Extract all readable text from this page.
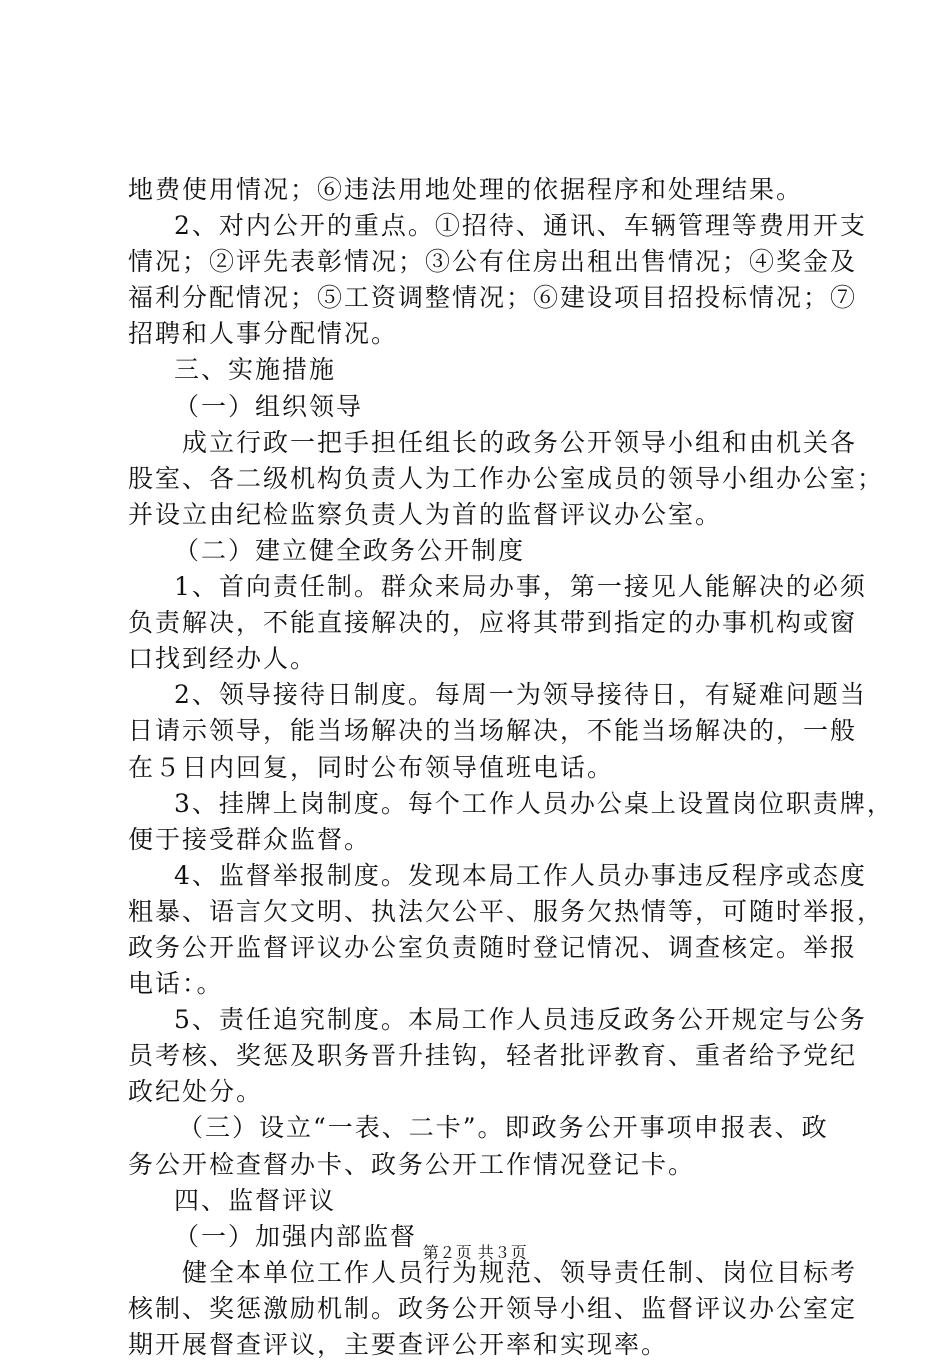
地费使用情况；⑥违法用地处理的依据程序和处理结果。
2、对内公开的重点。①招待、通讯、车辆管理等费用开支
情况；②评先表彰情况；③公有住房出租出售情况；④奖金及
福利分配情况；⑤工资调整情况；⑥建设项目招投标情况；⑦
招聘和人事分配情况。
三、实施措施
（一）组织领导
成立行政一把手担任组长的政务公开领导小组和由机关各
股室、各二级机构负责人为工作办公室成员的领导小组办公室；
并设立由纪检监察负责人为首的监督评议办公室。
（二）建立健全政务公开制度
1、首向责任制。群众来局办事，第一接见人能解决的必须
负责解决，不能直接解决的，应将其带到指定的办事机构或窗
口找到经办人。
2、领导接待日制度。每周一为领导接待日，有疑难问题当
日请示领导，能当场解决的当场解决，不能当场解决的，一般
在５日内回复，同时公布领导值班电话。
3、挂牌上岗制度。每个工作人员办公桌上设置岗位职责牌，
便于接受群众监督。
4、监督举报制度。发现本局工作人员办事违反程序或态度
粗暴、语言欠文明、执法欠公平、服务欠热情等，可随时举报，
政务公开监督评议办公室负责随时登记情况、调查核定。举报
电话：。
5、责任追究制度。本局工作人员违反政务公开规定与公务
员考核、奖惩及职务晋升挂钩，轻者批评教育、重者给予党纪
政纪处分。
（三）设立“一表、二卡”。即政务公开事项申报表、政
务公开检查督办卡、政务公开工作情况登记卡。
四、监督评议
（一）加强内部监督
健全本单位工作人员行为规范、领导责任制、岗位目标考
核制、奖惩激励机制。政务公开领导小组、监督评议办公室定
期开展督查评议，主要查评公开率和实现率。
第２页 共３页
